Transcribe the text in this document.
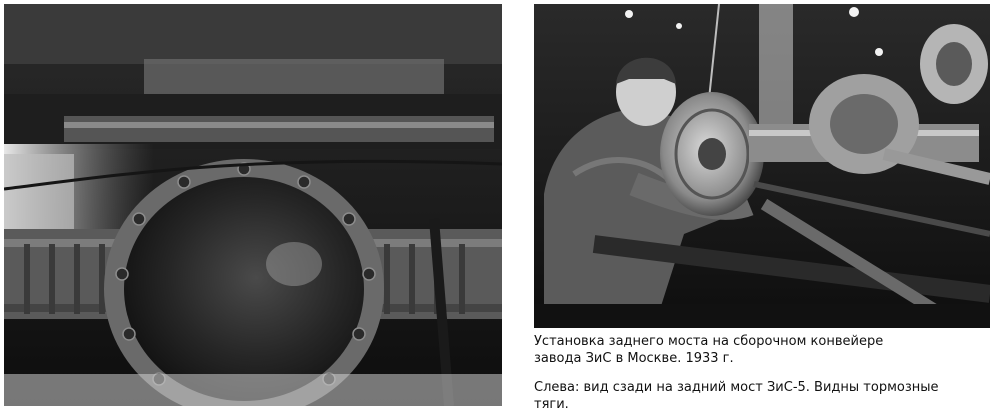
Установка заднего моста на сборочном конвейере
завода ЗиС в Москве. 1933 г.
Слева: вид сзади на задний мост ЗиС-5. Видны тормозные
тяги.
